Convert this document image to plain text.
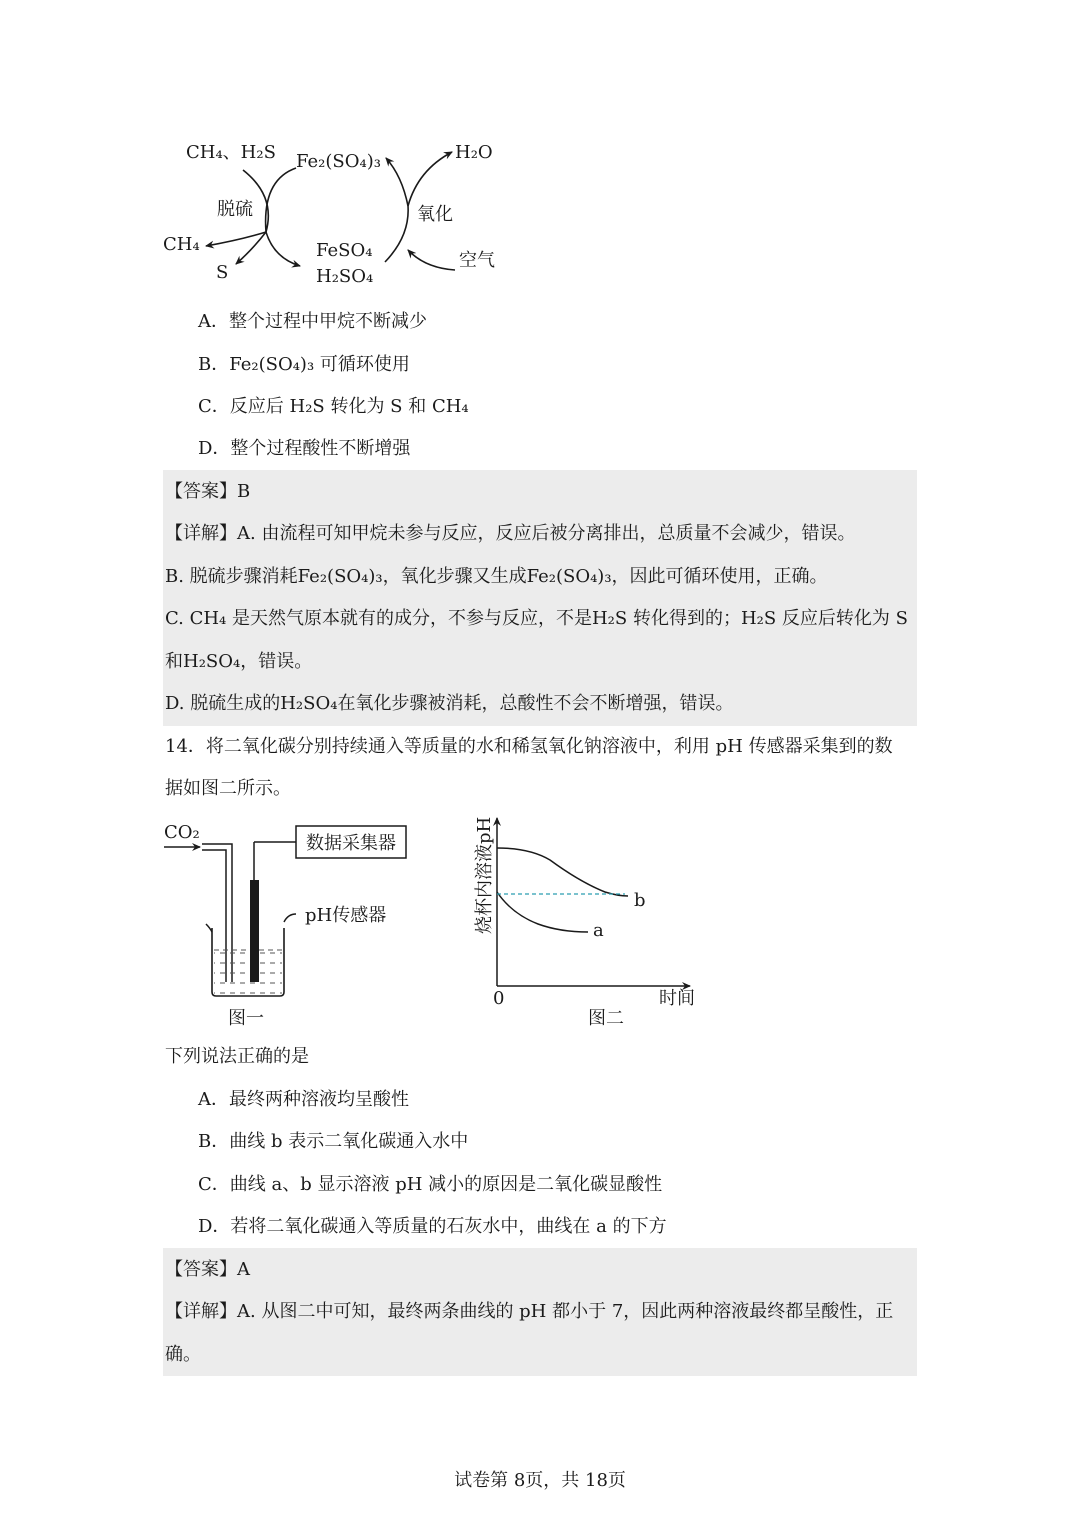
CH₄、H₂S Fe₂(SO₄)₃	H₂O
脱硫	氧化
CH₄
S
FeSO₄
H₂SO₄
空气
A．整个过程中甲烷不断减少
B．Fe₂(SO₄)₃ 可循环使用
C．反应后 H₂S 转化为 S 和 CH₄
D．整个过程酸性不断增强
【答案】B
【详解】A. 由流程可知甲烷未参与反应，反应后被分离排出，总质量不会减少，错误。
B. 脱硫步骤消耗Fe₂(SO₄)₃，氧化步骤又生成Fe₂(SO₄)₃，因此可循环使用，正确。
C. CH₄ 是天然气原本就有的成分，不参与反应，不是H₂S 转化得到的；H₂S 反应后转化为 S
和H₂SO₄，错误。
D. 脱硫生成的H₂SO₄在氧化步骤被消耗，总酸性不会不断增强，错误。
14．将二氧化碳分别持续通入等质量的水和稀氢氧化钠溶液中，利用 pH 传感器采集到的数
据如图二所示。
CO₂
数据采集器
pH传感器
图一
烧杯内溶液pH	b
a
0	时间
图二
下列说法正确的是
A．最终两种溶液均呈酸性
B．曲线 b 表示二氧化碳通入水中
C．曲线 a、b 显示溶液 pH 减小的原因是二氧化碳显酸性
D．若将二氧化碳通入等质量的石灰水中，曲线在 a 的下方
【答案】A
【详解】A. 从图二中可知，最终两条曲线的 pH 都小于 7，因此两种溶液最终都呈酸性，正
确。
试卷第 8页，共 18页
